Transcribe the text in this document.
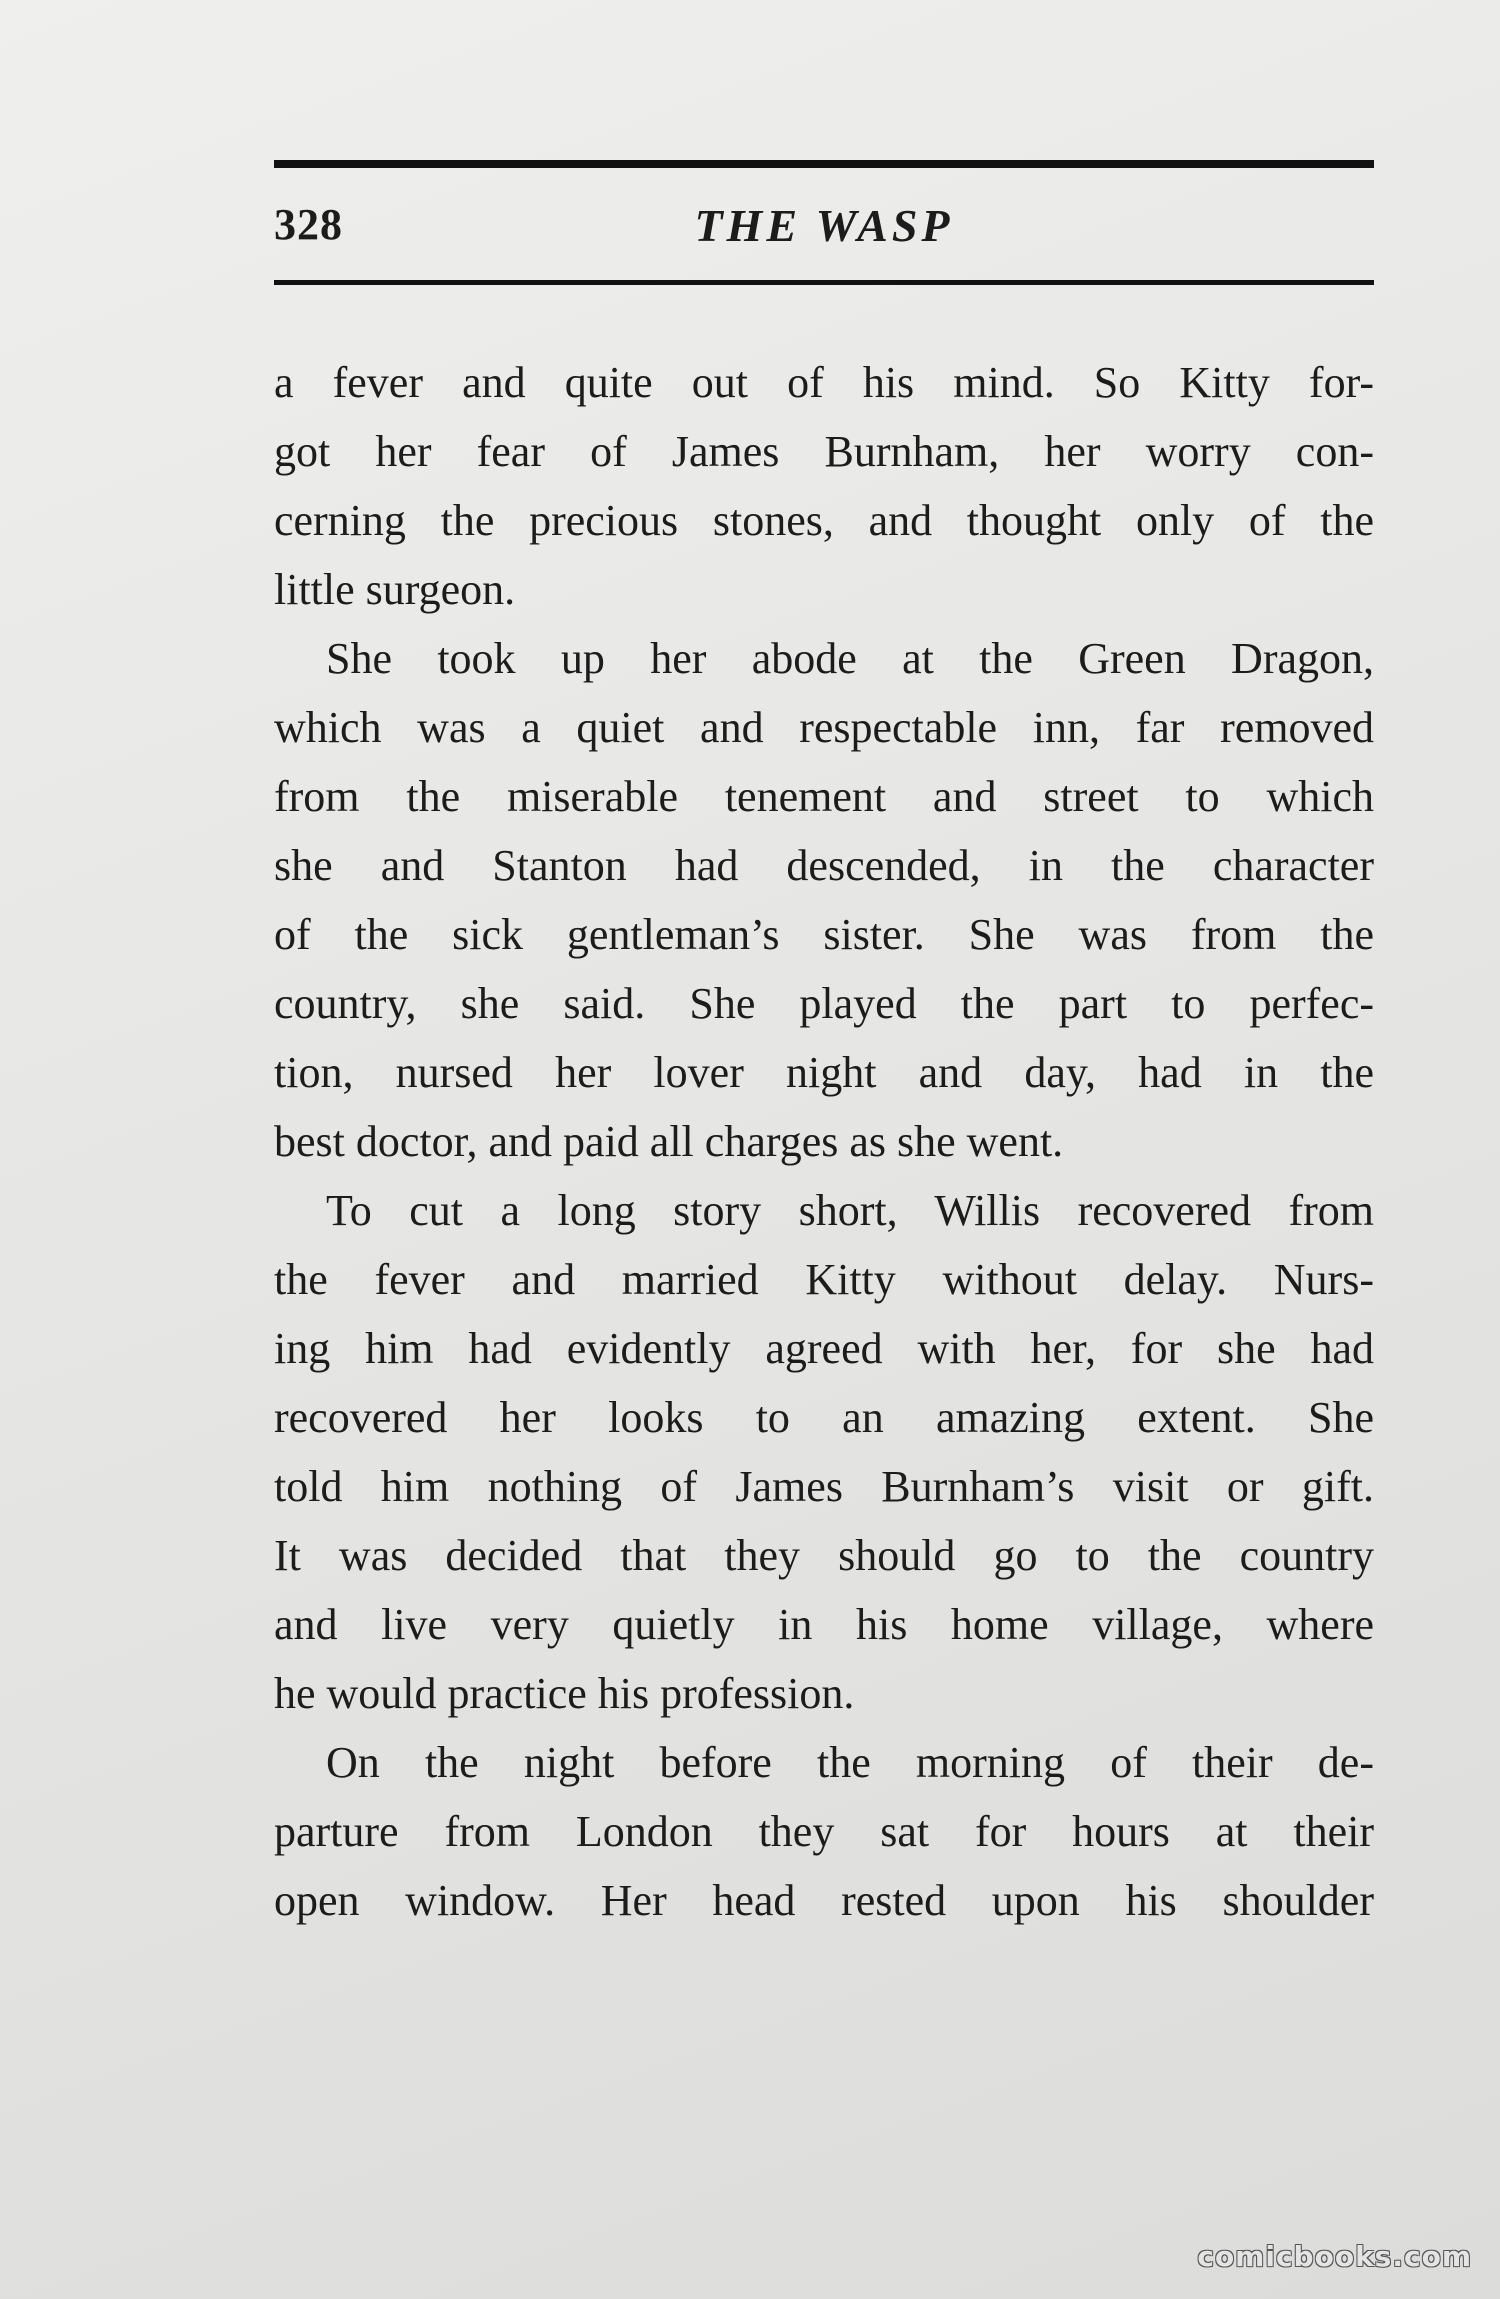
328	THE WASP
a fever and quite out of his mind. So Kitty for-
got her fear of James Burnham, her worry con-
cerning the precious stones, and thought only of the
little surgeon.
She took up her abode at the Green Dragon,
which was a quiet and respectable inn, far removed
from the miserable tenement and street to which
she and Stanton had descended, in the character
of the sick gentleman’s sister. She was from the
country, she said. She played the part to perfec-
tion, nursed her lover night and day, had in the
best doctor, and paid all charges as she went.
To cut a long story short, Willis recovered from
the fever and married Kitty without delay. Nurs-
ing him had evidently agreed with her, for she had
recovered her looks to an amazing extent. She
told him nothing of James Burnham’s visit or gift.
It was decided that they should go to the country
and live very quietly in his home village, where
he would practice his profession.
On the night before the morning of their de-
parture from London they sat for hours at their
open window. Her head rested upon his shoulder
comicbooks.com
